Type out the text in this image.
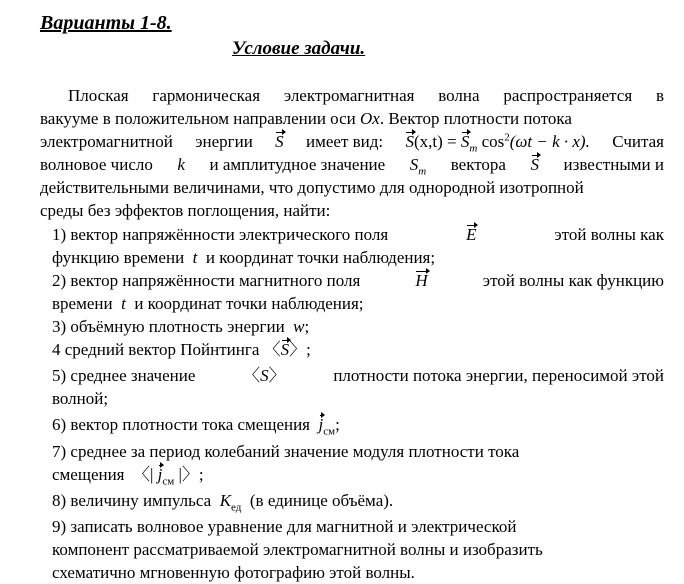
Варианты 1-8.
Условие задачи.
Плоская гармоническая электромагнитная волна распространяется в
вакууме в положительном направлении оси Ox. Вектор плотности потока
электромагнитной энергии S имеет вид: $S(x,t) = S_m$ $\cos^2(\omega t - k \cdot x)$. Считая
волновое число k и амплитудное значение $S_m$ вектора S известными и
действительными величинами, что допустимо для однородной изотропной
среды без эффектов поглощения, найти:
1) вектор напряжённости электрического поля	E	этой волны как
функцию времени t и координат точки наблюдения;
2) вектор напряжённости магнитного поля	H	этой волны как функцию
времени t и координат точки наблюдения;
3) объёмную плотность энергии w;
4 средний вектор Пойнтинга 〈S〉;
5) среднее значение	〈S〉	плотности потока энергии, переносимой этой
волной;
6) вектор плотности тока смещения $j_{см}$;
7) среднее за период колебаний значение модуля плотности тока
смещения 〈| $j_{см}$ |〉;
8) величину импульса $K_{ед}$ (в единице объёма).
9) записать волновое уравнение для магнитной и электрической
компонент рассматриваемой электромагнитной волны и изобразить
схематично мгновенную фотографию этой волны.
